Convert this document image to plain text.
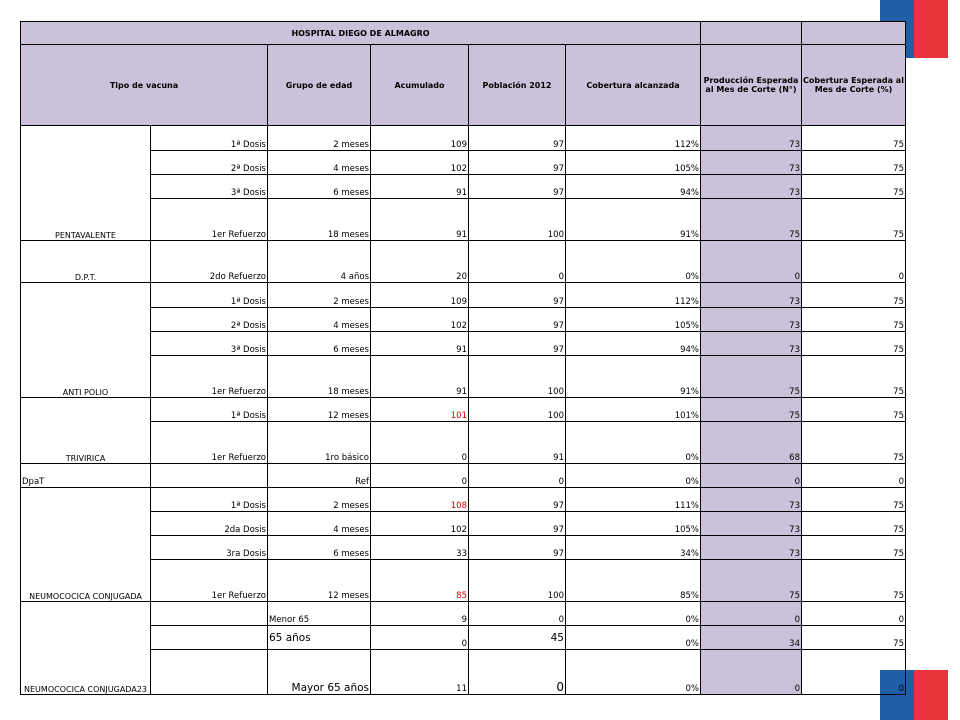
HOSPITAL DIEGO DE ALMAGRO							
Tipo de vacuna		Grupo de edad	Acumulado	Población 2012	Cobertura alcanzada	Producción Esperada al Mes de Corte (N°)	Cobertura Esperada al Mes de Corte (%)
PENTAVALENTE	1ª Dosis	2 meses	109	97	112%	73	75
	2ª Dosis	4 meses	102	97	105%	73	75
	3ª Dosis	6 meses	91	97	94%	73	75
	1er Refuerzo	18 meses	91	100	91%	75	75
D.P.T.	2do Refuerzo	4 años	20	0	0%	0	0
ANTI POLIO	1ª Dosis	2 meses	109	97	112%	73	75
	2ª Dosis	4 meses	102	97	105%	73	75
	3ª Dosis	6 meses	91	97	94%	73	75
	1er Refuerzo	18 meses	91	100	91%	75	75
TRIVIRICA	1ª Dosis	12 meses	101	100	101%	75	75
	1er Refuerzo	1ro básico	0	91	0%	68	75
DpaT		Ref	0	0	0%	0	0
NEUMOCOCICA CONJUGADA	1ª Dosis	2 meses	108	97	111%	73	75
	2da Dosis	4 meses	102	97	105%	73	75
	3ra Dosis	6 meses	33	97	34%	73	75
	1er Refuerzo	12 meses	85	100	85%	75	75
NEUMOCOCICA CONJUGADA23		Menor 65	9	0	0%	0	0
		65 años	0	45	0%	34	75
		Mayor 65 años	11	0	0%	0	0
